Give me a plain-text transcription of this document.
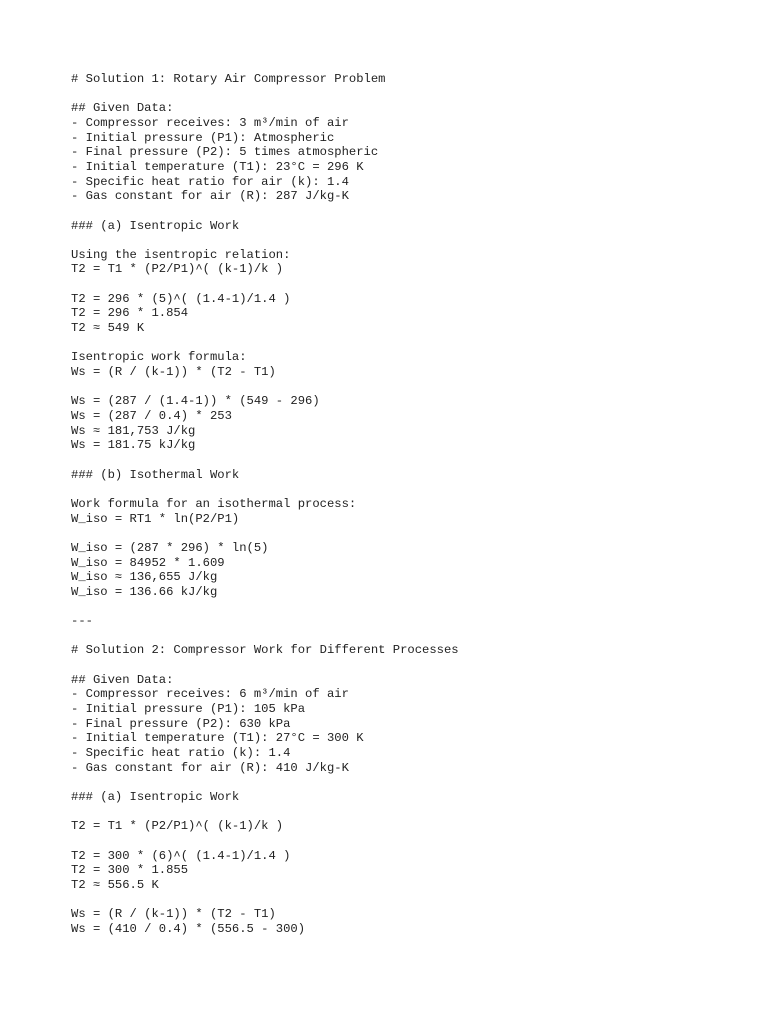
# Solution 1: Rotary Air Compressor Problem
## Given Data:
- Compressor receives: 3 m³/min of air
- Initial pressure (P1): Atmospheric
- Final pressure (P2): 5 times atmospheric
- Initial temperature (T1): 23°C = 296 K
- Specific heat ratio for air (k): 1.4
- Gas constant for air (R): 287 J/kg-K
### (a) Isentropic Work
Using the isentropic relation:
T2 = T1 * (P2/P1)^( (k-1)/k )
T2 = 296 * (5)^( (1.4-1)/1.4 )
T2 = 296 * 1.854
T2 ≈ 549 K
Isentropic work formula:
Ws = (R / (k-1)) * (T2 - T1)
Ws = (287 / (1.4-1)) * (549 - 296)
Ws = (287 / 0.4) * 253
Ws ≈ 181,753 J/kg
Ws = 181.75 kJ/kg
### (b) Isothermal Work
Work formula for an isothermal process:
W_iso = RT1 * ln(P2/P1)
W_iso = (287 * 296) * ln(5)
W_iso = 84952 * 1.609
W_iso ≈ 136,655 J/kg
W_iso = 136.66 kJ/kg
---
# Solution 2: Compressor Work for Different Processes
## Given Data:
- Compressor receives: 6 m³/min of air
- Initial pressure (P1): 105 kPa
- Final pressure (P2): 630 kPa
- Initial temperature (T1): 27°C = 300 K
- Specific heat ratio (k): 1.4
- Gas constant for air (R): 410 J/kg-K
### (a) Isentropic Work
T2 = T1 * (P2/P1)^( (k-1)/k )
T2 = 300 * (6)^( (1.4-1)/1.4 )
T2 = 300 * 1.855
T2 ≈ 556.5 K
Ws = (R / (k-1)) * (T2 - T1)
Ws = (410 / 0.4) * (556.5 - 300)
